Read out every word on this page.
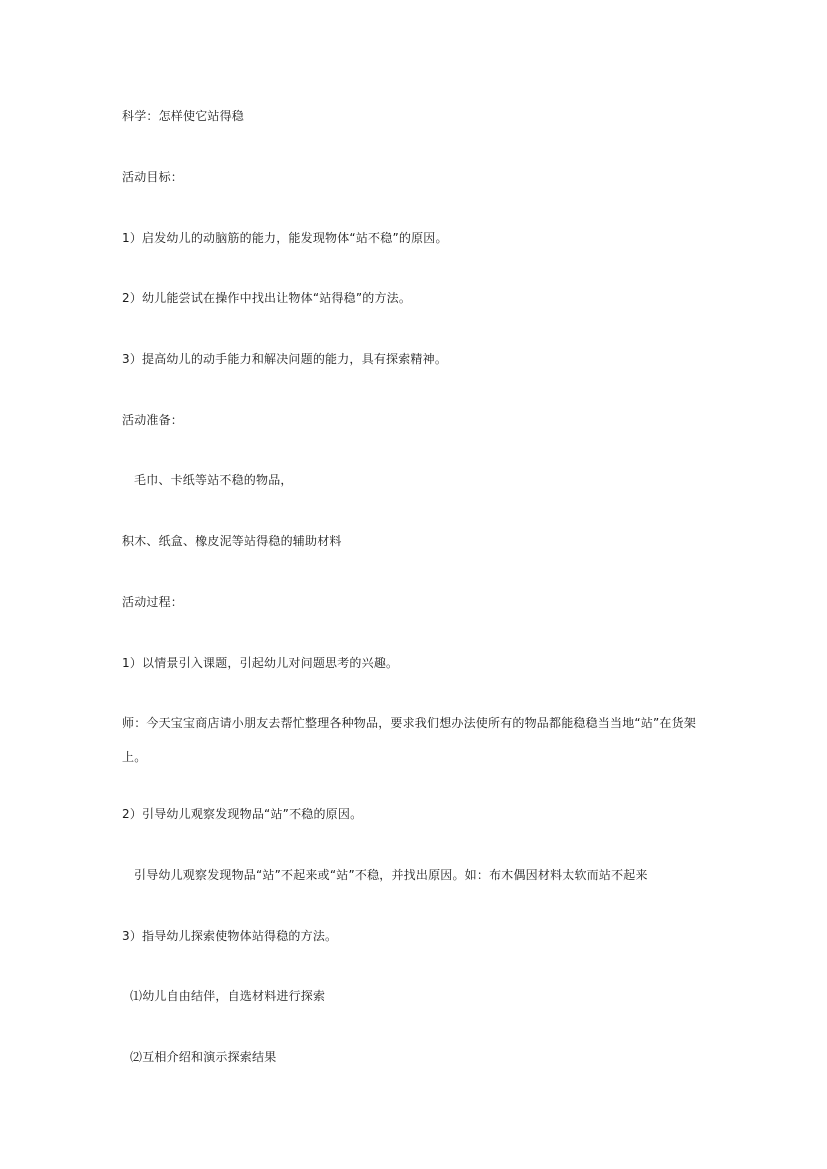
科学：怎样使它站得稳
活动目标：
1）启发幼儿的动脑筋的能力，能发现物体“站不稳”的原因。
2）幼儿能尝试在操作中找出让物体“站得稳”的方法。
3）提高幼儿的动手能力和解决问题的能力，具有探索精神。
活动准备：
毛巾、卡纸等站不稳的物品，
积木、纸盒、橡皮泥等站得稳的辅助材料
活动过程：
1）以情景引入课题，引起幼儿对问题思考的兴趣。
师：今天宝宝商店请小朋友去帮忙整理各种物品，要求我们想办法使所有的物品都能稳稳当当地“站”在货架上。
2）引导幼儿观察发现物品“站”不稳的原因。
引导幼儿观察发现物品“站”不起来或“站”不稳，并找出原因。如：布木偶因材料太软而站不起来
3）指导幼儿探索使物体站得稳的方法。
⑴幼儿自由结伴，自选材料进行探索
⑵互相介绍和演示探索结果
